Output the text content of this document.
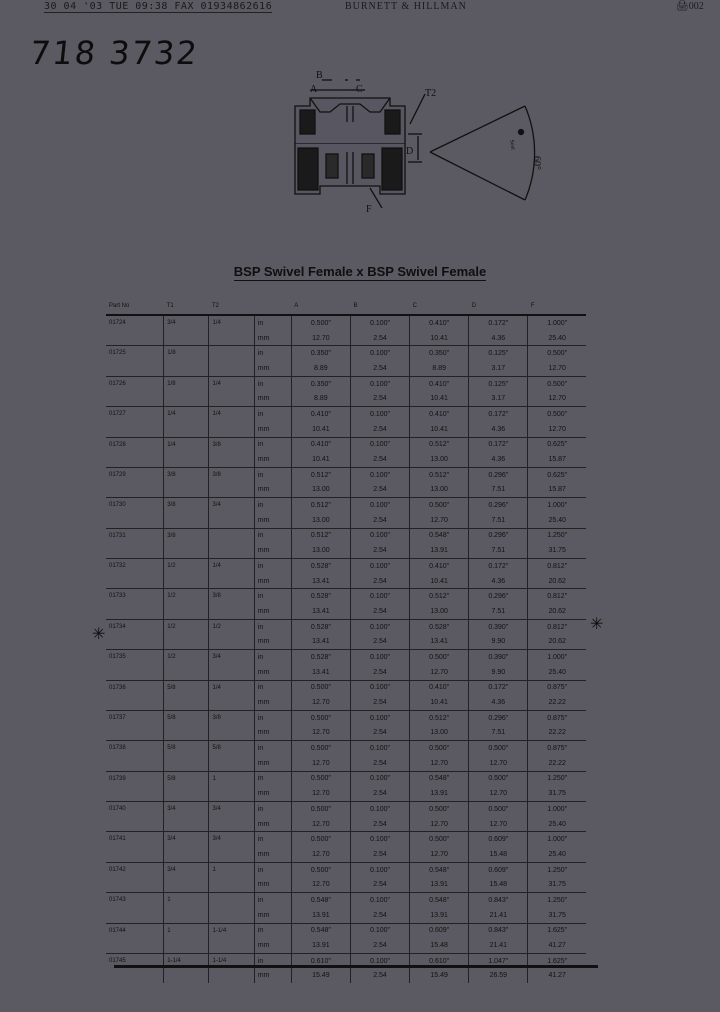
30 04 '03 TUE 09:38 FAX 01934862616	BURNETT & HILLMAN	🖨002
718 3732
B
A	C	T2
D
F
60°
Seat
BSP Swivel Female x BSP Swivel Female
Part No	T1	T2		A	B	C	D	F
01724	3/4	1/4	in	0.500"	0.100"	0.410"	0.172"	1.000"
			mm	12.70	2.54	10.41	4.36	25.40
01725	1/8		in	0.350"	0.100"	0.350"	0.125"	0.500"
			mm	8.89	2.54	8.89	3.17	12.70
01726	1/8	1/4	in	0.350"	0.100"	0.410"	0.125"	0.500"
			mm	8.89	2.54	10.41	3.17	12.70
01727	1/4	1/4	in	0.410"	0.100"	0.410"	0.172"	0.500"
			mm	10.41	2.54	10.41	4.36	12.70
01728	1/4	3/8	in	0.410"	0.100"	0.512"	0.172"	0.625"
			mm	10.41	2.54	13.00	4.36	15.87
01729	3/8	3/8	in	0.512"	0.100"	0.512"	0.296"	0.625"
			mm	13.00	2.54	13.00	7.51	15.87
01730	3/8	3/4	in	0.512"	0.100"	0.500"	0.296"	1.000"
			mm	13.00	2.54	12.70	7.51	25.40
01731	3/8		in	0.512"	0.100"	0.548"	0.296"	1.250"
			mm	13.00	2.54	13.91	7.51	31.75
01732	1/2	1/4	in	0.528"	0.100"	0.410"	0.172"	0.812"
			mm	13.41	2.54	10.41	4.36	20.62
01733	1/2	3/8	in	0.528"	0.100"	0.512"	0.296"	0.812"
			mm	13.41	2.54	13.00	7.51	20.62
01734	1/2	1/2	in	0.528"	0.100"	0.528"	0.390"	0.812"
			mm	13.41	2.54	13.41	9.90	20.62
01735	1/2	3/4	in	0.528"	0.100"	0.500"	0.390"	1.000"
			mm	13.41	2.54	12.70	9.90	25.40
01736	5/8	1/4	in	0.500"	0.100"	0.410"	0.172"	0.875"
			mm	12.70	2.54	10.41	4.36	22.22
01737	5/8	3/8	in	0.500"	0.100"	0.512"	0.296"	0.875"
			mm	12.70	2.54	13.00	7.51	22.22
01738	5/8	5/8	in	0.500"	0.100"	0.500"	0.500"	0.875"
			mm	12.70	2.54	12.70	12.70	22.22
01739	5/8	1	in	0.500"	0.100"	0.548"	0.500"	1.250"
			mm	12.70	2.54	13.91	12.70	31.75
01740	3/4	3/4	in	0.500"	0.100"	0.500"	0.500"	1.000"
			mm	12.70	2.54	12.70	12.70	25.40
01741	3/4	3/4	in	0.500"	0.100"	0.500"	0.609"	1.000"
			mm	12.70	2.54	12.70	15.48	25.40
01742	3/4	1	in	0.500"	0.100"	0.548"	0.609"	1.250"
			mm	12.70	2.54	13.91	15.48	31.75
01743	1		in	0.548"	0.100"	0.548"	0.843"	1.250"
			mm	13.91	2.54	13.91	21.41	31.75
01744	1	1-1/4	in	0.548"	0.100"	0.609"	0.843"	1.625"
			mm	13.91	2.54	15.48	21.41	41.27
01745	1-1/4	1-1/4	in	0.610"	0.100"	0.610"	1.047"	1.625"
			mm	15.49	2.54	15.49	26.59	41.27
✳
✳
